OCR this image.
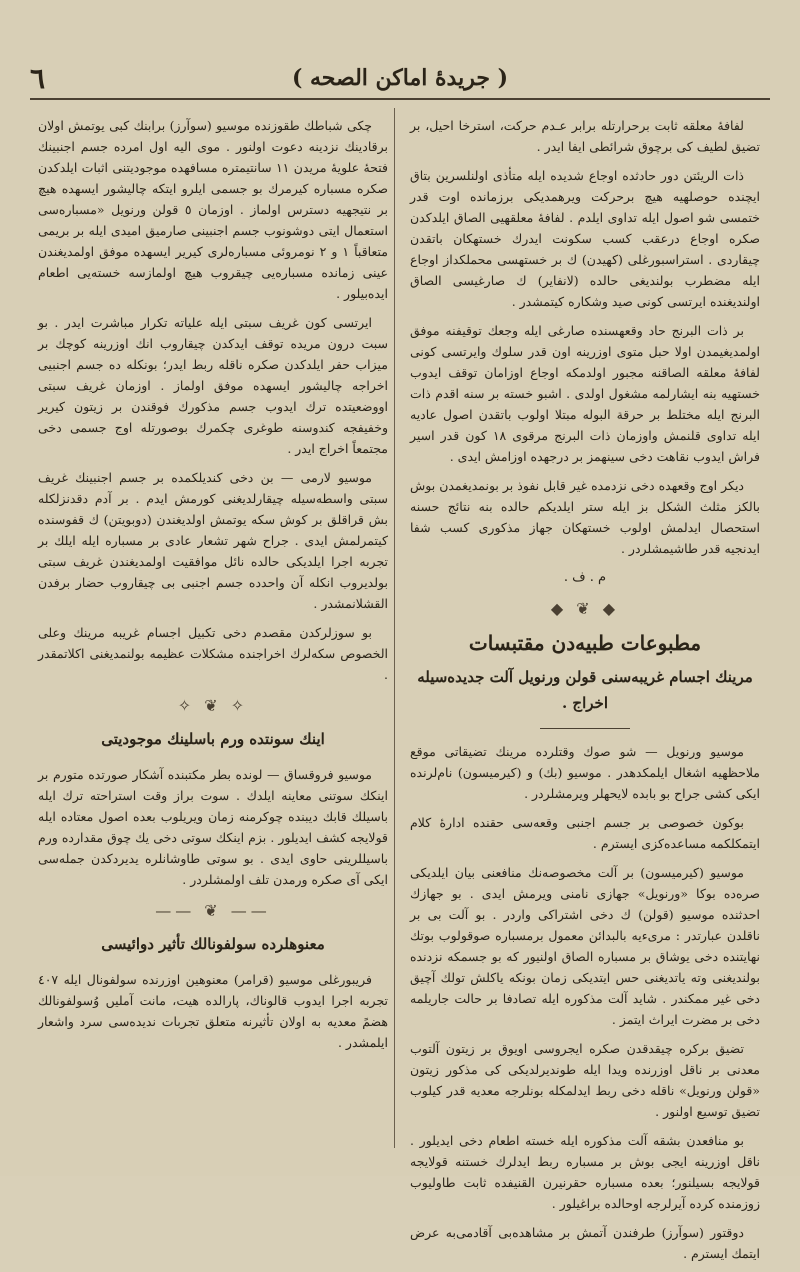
٦	( جريدهٔ اماكن الصحه )

لفافهٔ معلقه ثابت برحرارتله برابر عـدم حرکت، استرخا احیل، بر تضیق لطیف کی برچوق شرائطی ایفا ایدر .

ذات الريئتن دور حادثده اوجاع شديده ايله متأذى اولنلسرين بتاق ايچنده حوصلهيه هيچ برحركت ويرهمديكى برزمانده اوت قدر ختمسى شو اصول ايله تداوى ايلدم . لفافهٔ معلقهيى الصاق ايلدكدن صكره اوجاع درعقب كسب سكونت ايدرك خستهكان باتقدن چيقاردى . استراسبورغلى (كهيدن) ك بر خستهسى محملكداز اوجاع ايله مضطرب بولنديغى حالده (لانفاير) ك صارغيسى الصاق اولنديغنده ايرتسى كونى صيد وشكاره كيتمشدر .

بر ذات البرنج حاد وقعهسنده صارغى ايله وجعك توقيفنه موفق اولمدیغیمدن اولا حبل متوى اوزرينه اون قدر سلوك وايرتسى كونى لفافهٔ معلقه الصاقنه مجبور اولدمكه اوجاع اوزامان توقف ايدوب خستهيه بنه ايشارلمه مشغول اولدى . اشبو خسته بر سنه اقدم ذات البرنج ايله مختلط بر حرقة البوله مبتلا اولوب باتقدن اصول عاديه ايله تداوى قلنمش واوزمان ذات البرنج مرقوى ١٨ كون قدر اسير فراش ايدوب نقاهت دخى سينهمز بر درجهده اوزامش ايدى .

ديكر اوج وقعهده دخى نزدمده غير قابل نفوذ بر بونمديغمدن بوش بالكز مثلث الشكل بز ايله ستر ايلديكم حالده بنه نتائج حسنه استحصال ايدلمش اولوب خستهكان جهاز مذكورى كسب شفا ايدنجيه قدر طاشيمشلردر .

م . ف .
◆ ❦ ◆
مطبوعات طبیه‌دن مقتبسات
مرينك اجسام غريبه‌سنى قولن ورنويل آلت جديده‌سيله اخراج .

موسيو ورنويل — شو صوك وقتلرده مرينك تضيقاتى موقع ملاحظهيه اشغال ايلمكدهدر . موسيو (بك) و (كيرميسون) نام‌لرنده ايكى كشى جراح بو بابده لايحهلر ويرمشلردر .

بوكون خصوصى بر جسم اجنبى وقعه‌سى حقنده اداره‌ٔ كلام ايتمكلكمه مساعده‌كزى ايسترم .

موسيو (كيرميسون) بر آلت مخصوصه‌نك منافعنى بيان ايلديكى صره‌ده بوكا «ورنويل» جهازى نامنى ويرمش ايدى . بو جهازك احدثنده موسيو (قولن) ك دخى اشتراكى واردر . بو آلت بى بر ناقلدن عبارتدر : مرىءيه بالبدائن معمول برمسباره صوقولوب بوتك نهايتنده دخى يوشاق بر مسباره الصاق اولنيور كه بو جسمكه نزدنده بولنديغنى وته ياتديغنى حس ايتديكى زمان بونكه ياكلش تولك آچيق دخى غير ممكندر . شايد آلت مذكوره ايله تصادفا بر حالت جاريلمه دخى بر مضرت ايراث ايتمز .

تضيق بركره چيقدقدن صكره ايجروسى اويوق بر زيتون آلتوب معدنى بر ناقل اوزرنده ويدا ايله طونديرلديكى كى مذكور زيتون «قولن ورنويل» ناقله دخى ربط ايدلمكله بونلرجه معديه قدر كيلوب تضيق توسيع اولنور .

بو منافعدن بشقه آلت مذكوره ايله خسته اطعام دخى ايديلور . ناقل اوزرينه ايجى بوش بر مسباره ربط ايدلرك خستنه قولايجه قولايجه بسيلنور؛ بعده مسباره حقرنيرن القنيفده ثابت طاوليوب زوزمنده كرده آيرلرجه اوحالده براغيلور .

دوقتور (سوآرز) طرفندن آتمش بر مشاهده‌بى آقادمى‌به عرض ايتمك ايسترم .

چكى شباطك طقوزنده موسيو (سوآرز) برابنك كبى يوتمش اولان برقادينك نزدينه دعوت اولنور . موی اليه اول امرده جسم اجنبينك فتحهٔ علويهٔ مريدن ١١ سانتيمتره مسافهده موجوديتنى اثبات ايلدكدن صكره مسباره كيرمرك بو جسمى ايلرو ايتكه چاليشور ايسهده هيچ بر نتيجهيه دسترس اولماز . اوزمان ٥ قولن ورنويل «مسباره‌سى استعمال ايتى دوشونوب جسم اجنبينى صارمیق امیدی ایله بر بریمی متعاقباً ١ و ٢ نومروئى مسبارەلرى كيرير ايسهده موفق اولمدیغندن عینی زمانده مسبارە‌یی چیقروب هیچ اولمازسه خستەیی اطعام ایدەبیلور .

ايرتسى كون غريف سبتى ايله علياته تكرار مباشرت ايدر . بو سبت درون مريده توقف ايدكدن چيقاروب انك اوزرينه كوچك بر ميزاب حفر ايلدكدن صكره ناقله ربط ايدر؛ بونكله ده جسم اجنبيى اخراجه چاليشور ايسهده موفق اولماز . اوزمان غريف سبتى اووضعيتده ترك ايدوب جسم مذكورك فوقندن بر زيتون كيرير وخفيفجه كندوسنه طوغرى چكمرك بوصورتله اوج جسمى دخى مجتمعاً اخراج ايدر .

موسيو لارمى — بن دخى كنديلكمده بر جسم اجنبينك غريف سبتى واسطه‌سيله چيقارلديغنى كورمش ايدم . بر آدم دقدنزلكله بش قراقلق بر كوش سكه يوتمش اولديغندن (دوبويتن) ك قفوسنده كيتمرلمش ايدى . جراح شهر تشعار عادى بر مسباره ايله ايلك بر تجربه اجرا ايلديكى حالده نائل موافقيت اولمدیغندن غریف سبتی بولدیروب انكله آن واحدده جسم اجنبى بى چیقاروب حضار برفدن القشلانمشدر .

بو سوزلركدن مقصدم دخى تكبيل اجسام غريبه مرينك وعلى الخصوص سكه‌لرك اخراجنده مشكلات عظيمه بولنمديغنى اكلاتمقدر .

✧ ❦ ✧
اینك سونتده ورم باسلینك موجودیتی

موسيو فروقساق — لونده بطر مكتبنده آشكار صورتده متورم بر اينكك سوتنى معاينه ايلدك . سوت براز وقت استراحته ترك ايله باسيلك قابك ديبنده چوكرمنه زمان ويريلوب بعده اصول معتاده ايله قولايجه كشف ايدیلور . بزم اينكك سوتى دخى يك چوق مقداردە ورم باسيللرينى حاوى ايدى . بو سوتى طاوشانلره يديردكدن جمله‌سى ايكى آى صكره ورمدن تلف اولمشلردر .

—— ❦ ——
معنوهلرده سولفونالك تأثیر دوائیسی

فريبورغلى موسيو (قرامر) معنوهين اوزرنده سولفونال ايله ٤٠٧ تجربه اجرا ايدوب قالوناك، پارالده هيت، مانت آمليں وُسولفونالك هضم‌ً معديه‌ به اولان تأثيرنه متعلق تجربات نديده‌سى سرد واشعار ايلمشدر .
